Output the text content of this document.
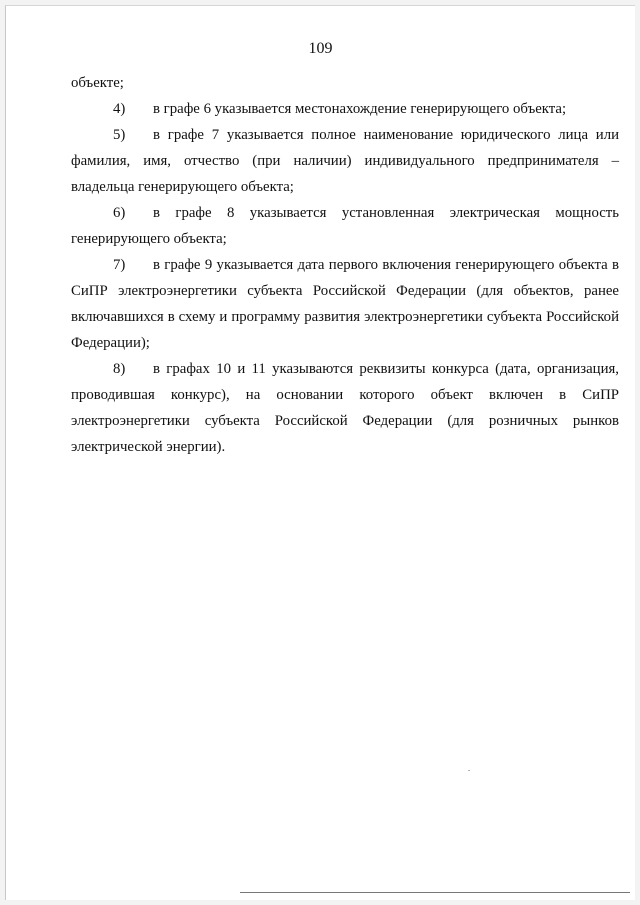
109

объекте;

4) в графе 6 указывается местонахождение генерирующего объекта;

5) в графе 7 указывается полное наименование юридического лица или фамилия, имя, отчество (при наличии) индивидуального предпринимателя – владельца генерирующего объекта;

6) в графе 8 указывается установленная электрическая мощность генерирующего объекта;

7) в графе 9 указывается дата первого включения генерирующего объекта в СиПР электроэнергетики субъекта Российской Федерации (для объектов, ранее включавшихся в схему и программу развития электроэнергетики субъекта Российской Федерации);

8) в графах 10 и 11 указываются реквизиты конкурса (дата, организация, проводившая конкурс), на основании которого объект включен в СиПР электроэнергетики субъекта Российской Федерации (для розничных рынков электрической энергии).
